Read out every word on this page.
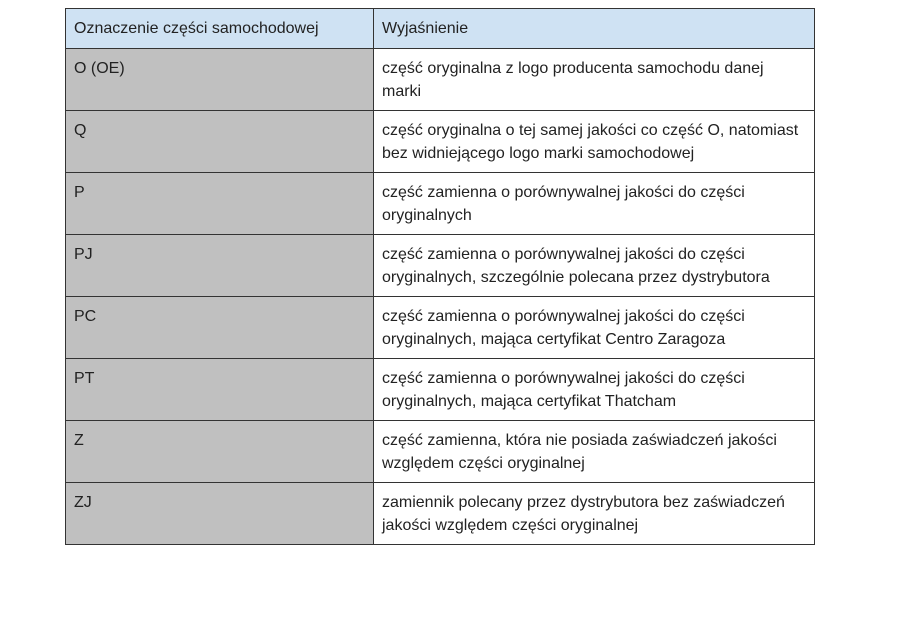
Oznaczenie części samochodowej	Wyjaśnienie
O (OE)	część oryginalna z logo producenta samochodu danej marki
Q	część oryginalna o tej samej jakości co część O, natomiast bez widniejącego logo marki samochodowej
P	część zamienna o porównywalnej jakości do części oryginalnych
PJ	część zamienna o porównywalnej jakości do części oryginalnych, szczególnie polecana przez dystrybutora
PC	część zamienna o porównywalnej jakości do części oryginalnych, mająca certyfikat Centro Zaragoza
PT	część zamienna o porównywalnej jakości do części oryginalnych, mająca certyfikat Thatcham
Z	część zamienna, która nie posiada zaświadczeń jakości względem części oryginalnej
ZJ	zamiennik polecany przez dystrybutora bez zaświadczeń jakości względem części oryginalnej
